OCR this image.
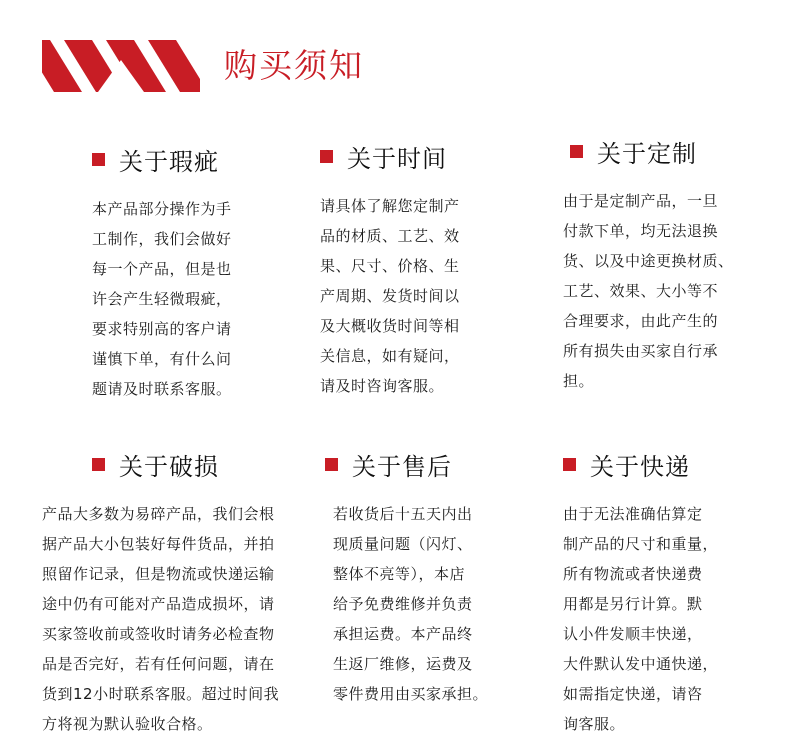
购买须知
关于瑕疵
本产品部分操作为手
工制作，我们会做好
每一个产品，但是也
许会产生轻微瑕疵，
要求特别高的客户请
谨慎下单，有什么问
题请及时联系客服。
关于时间
请具体了解您定制产
品的材质、工艺、效
果、尺寸、价格、生
产周期、发货时间以
及大概收货时间等相
关信息，如有疑问，
请及时咨询客服。
关于定制
由于是定制产品，一旦
付款下单，均无法退换
货、以及中途更换材质、
工艺、效果、大小等不
合理要求，由此产生的
所有损失由买家自行承
担。
关于破损
产品大多数为易碎产品，我们会根
据产品大小包装好每件货品，并拍
照留作记录，但是物流或快递运输
途中仍有可能对产品造成损坏，请
买家签收前或签收时请务必检查物
品是否完好，若有任何问题，请在
货到12小时联系客服。超过时间我
方将视为默认验收合格。
关于售后
若收货后十五天内出
现质量问题（闪灯、
整体不亮等），本店
给予免费维修并负责
承担运费。本产品终
生返厂维修，运费及
零件费用由买家承担。
关于快递
由于无法准确估算定
制产品的尺寸和重量，
所有物流或者快递费
用都是另行计算。默
认小件发顺丰快递，
大件默认发中通快递，
如需指定快递，请咨
询客服。
